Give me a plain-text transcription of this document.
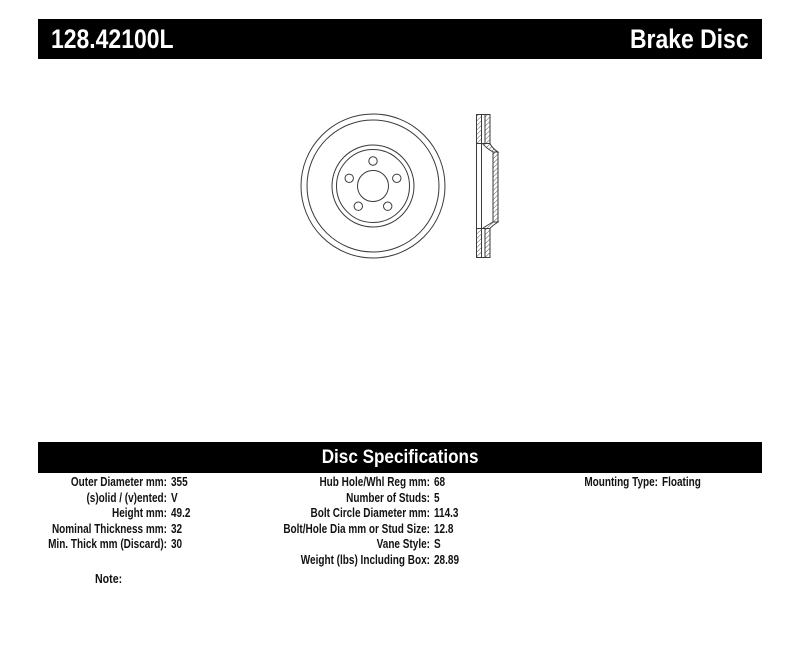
128.42100L	Brake Disc
Disc Specifications
Outer Diameter mm: 355
(s)olid / (v)ented: V
Height mm: 49.2
Nominal Thickness mm: 32
Min. Thick mm (Discard): 30
Hub Hole/Whl Reg mm: 68
Number of Studs: 5
Bolt Circle Diameter mm: 114.3
Bolt/Hole Dia mm or Stud Size: 12.8
Vane Style: S
Weight (lbs) Including Box: 28.89
Mounting Type: Floating
Note:
